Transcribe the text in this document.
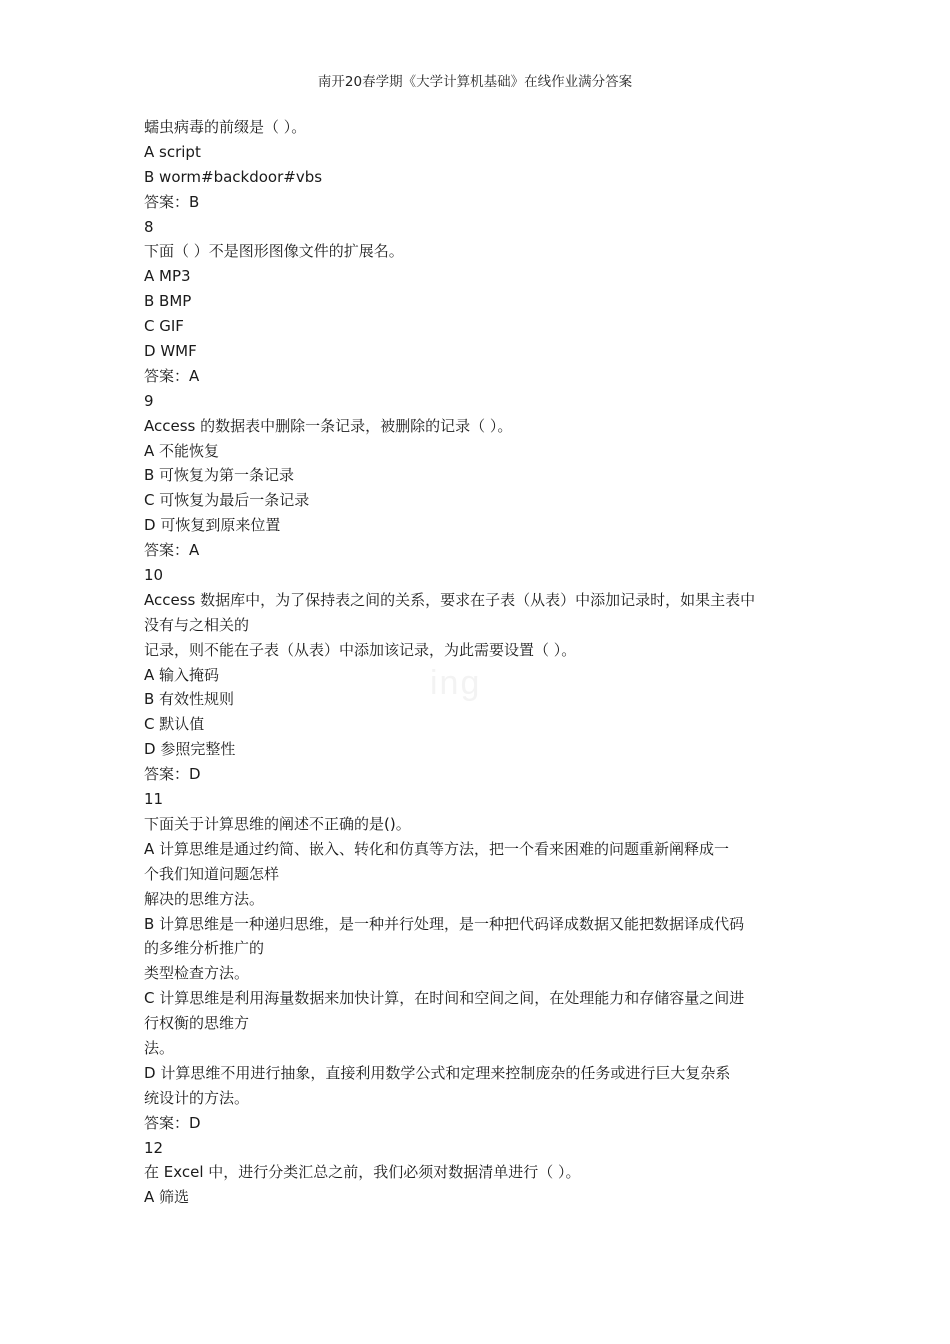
南开20春学期《大学计算机基础》在线作业满分答案
ing
蠕虫病毒的前缀是（ ）。
A script
B worm#backdoor#vbs
答案：B
8
下面（ ）不是图形图像文件的扩展名。
A MP3
B BMP
C GIF
D WMF
答案：A
9
Access 的数据表中删除一条记录，被删除的记录（ ）。
A 不能恢复
B 可恢复为第一条记录
C 可恢复为最后一条记录
D 可恢复到原来位置
答案：A
10
Access 数据库中，为了保持表之间的关系，要求在子表（从表）中添加记录时，如果主表中
没有与之相关的
记录，则不能在子表（从表）中添加该记录，为此需要设置（ ）。
A 输入掩码
B 有效性规则
C 默认值
D 参照完整性
答案：D
11
下面关于计算思维的阐述不正确的是()。
A 计算思维是通过约简、嵌入、转化和仿真等方法，把一个看来困难的问题重新阐释成一
个我们知道问题怎样
解决的思维方法。
B 计算思维是一种递归思维，是一种并行处理，是一种把代码译成数据又能把数据译成代码
的多维分析推广的
类型检查方法。
C 计算思维是利用海量数据来加快计算，在时间和空间之间，在处理能力和存储容量之间进
行权衡的思维方
法。
D 计算思维不用进行抽象，直接利用数学公式和定理来控制庞杂的任务或进行巨大复杂系
统设计的方法。
答案：D
12
在 Excel 中，进行分类汇总之前，我们必须对数据清单进行（ ）。
A 筛选
